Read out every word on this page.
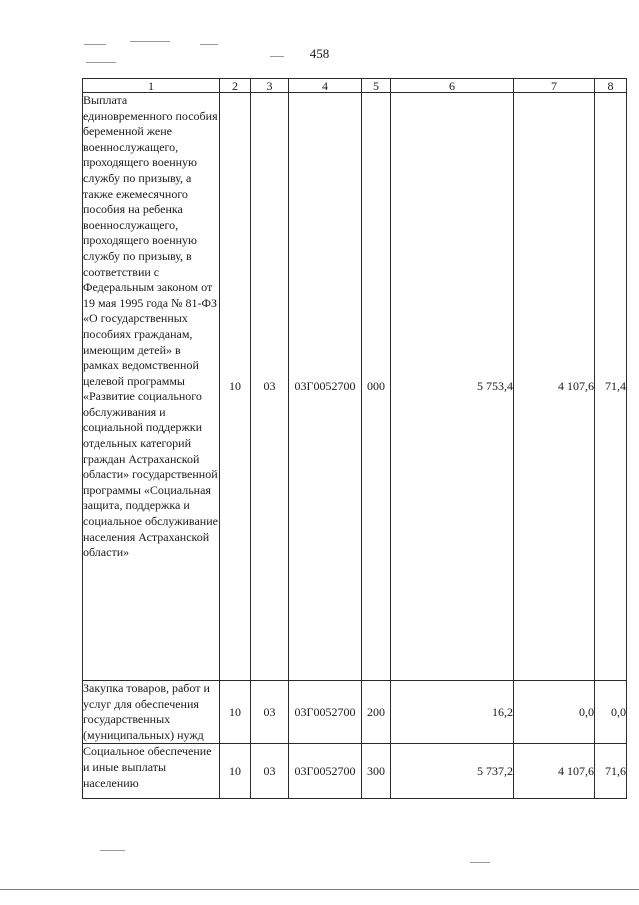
458
1	2	3	4	5	6	7	8
Выплата единовременного пособия беременной жене военнослужащего, проходящего военную службу по призыву, а также ежемесячного пособия на ребенка военнослужащего, проходящего военную службу по призыву, в соответствии с Федеральным законом от 19 мая 1995 года № 81-ФЗ «О государственных пособиях гражданам, имеющим детей» в рамках ведомственной целевой программы «Развитие социального обслуживания и социальной поддержки отдельных категорий граждан Астраханской области» государственной программы «Социальная защита, поддержка и социальное обслуживание населения Астраханской области»	10	03	03Г0052700	000	5 753,4	4 107,6	71,4
Закупка товаров, работ и услуг для обеспечения государственных (муниципальных) нужд	10	03	03Г0052700	200	16,2	0,0	0,0
Социальное обеспечение и иные выплаты населению	10	03	03Г0052700	300	5 737,2	4 107,6	71,6
